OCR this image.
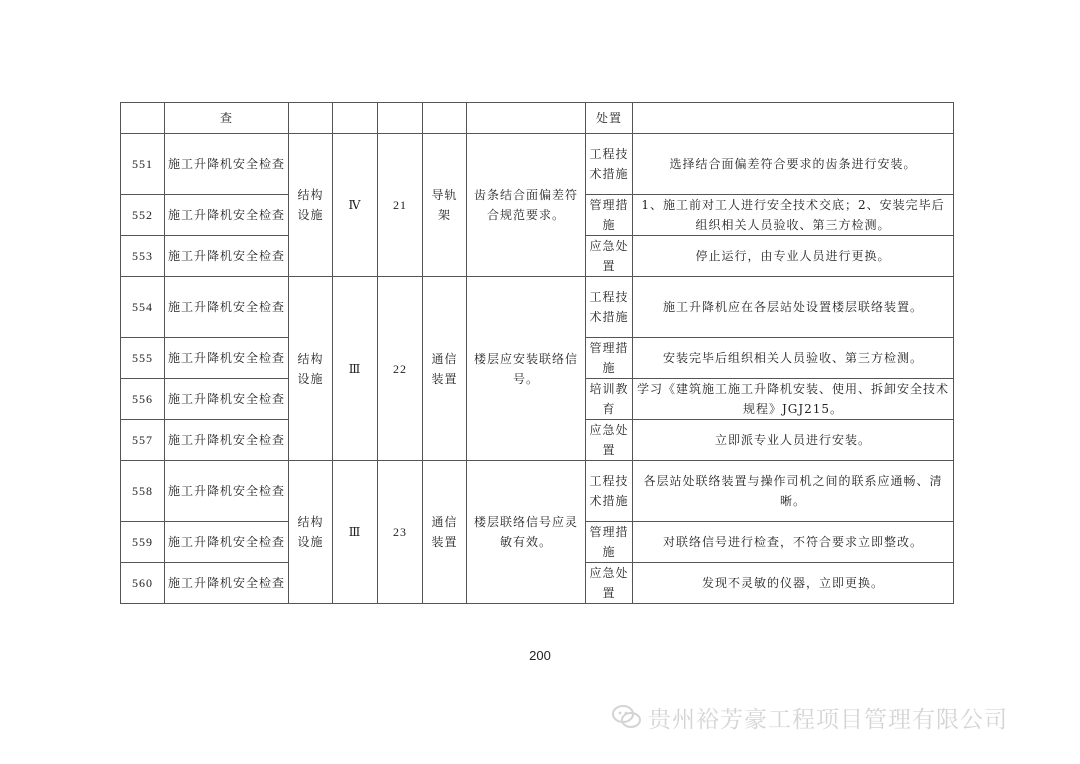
	查						处置	
551	施工升降机安全检查	结构设施	Ⅳ	21	导轨架	齿条结合面偏差符合规范要求。	工程技术措施	选择结合面偏差符合要求的齿条进行安装。
552	施工升降机安全检查						管理措施	1、施工前对工人进行安全技术交底；2、安装完毕后组织相关人员验收、第三方检测。
553	施工升降机安全检查						应急处置	停止运行，由专业人员进行更换。
554	施工升降机安全检查	结构设施	Ⅲ	22	通信装置	楼层应安装联络信号。	工程技术措施	施工升降机应在各层站处设置楼层联络装置。
555	施工升降机安全检查						管理措施	安装完毕后组织相关人员验收、第三方检测。
556	施工升降机安全检查						培训教育	学习《建筑施工施工升降机安装、使用、拆卸安全技术规程》JGJ215。
557	施工升降机安全检查						应急处置	立即派专业人员进行安装。
558	施工升降机安全检查	结构设施	Ⅲ	23	通信装置	楼层联络信号应灵敏有效。	工程技术措施	各层站处联络装置与操作司机之间的联系应通畅、清晰。
559	施工升降机安全检查						管理措施	对联络信号进行检查，不符合要求立即整改。
560	施工升降机安全检查						应急处置	发现不灵敏的仪器，立即更换。
200
贵州裕芳豪工程项目管理有限公司
